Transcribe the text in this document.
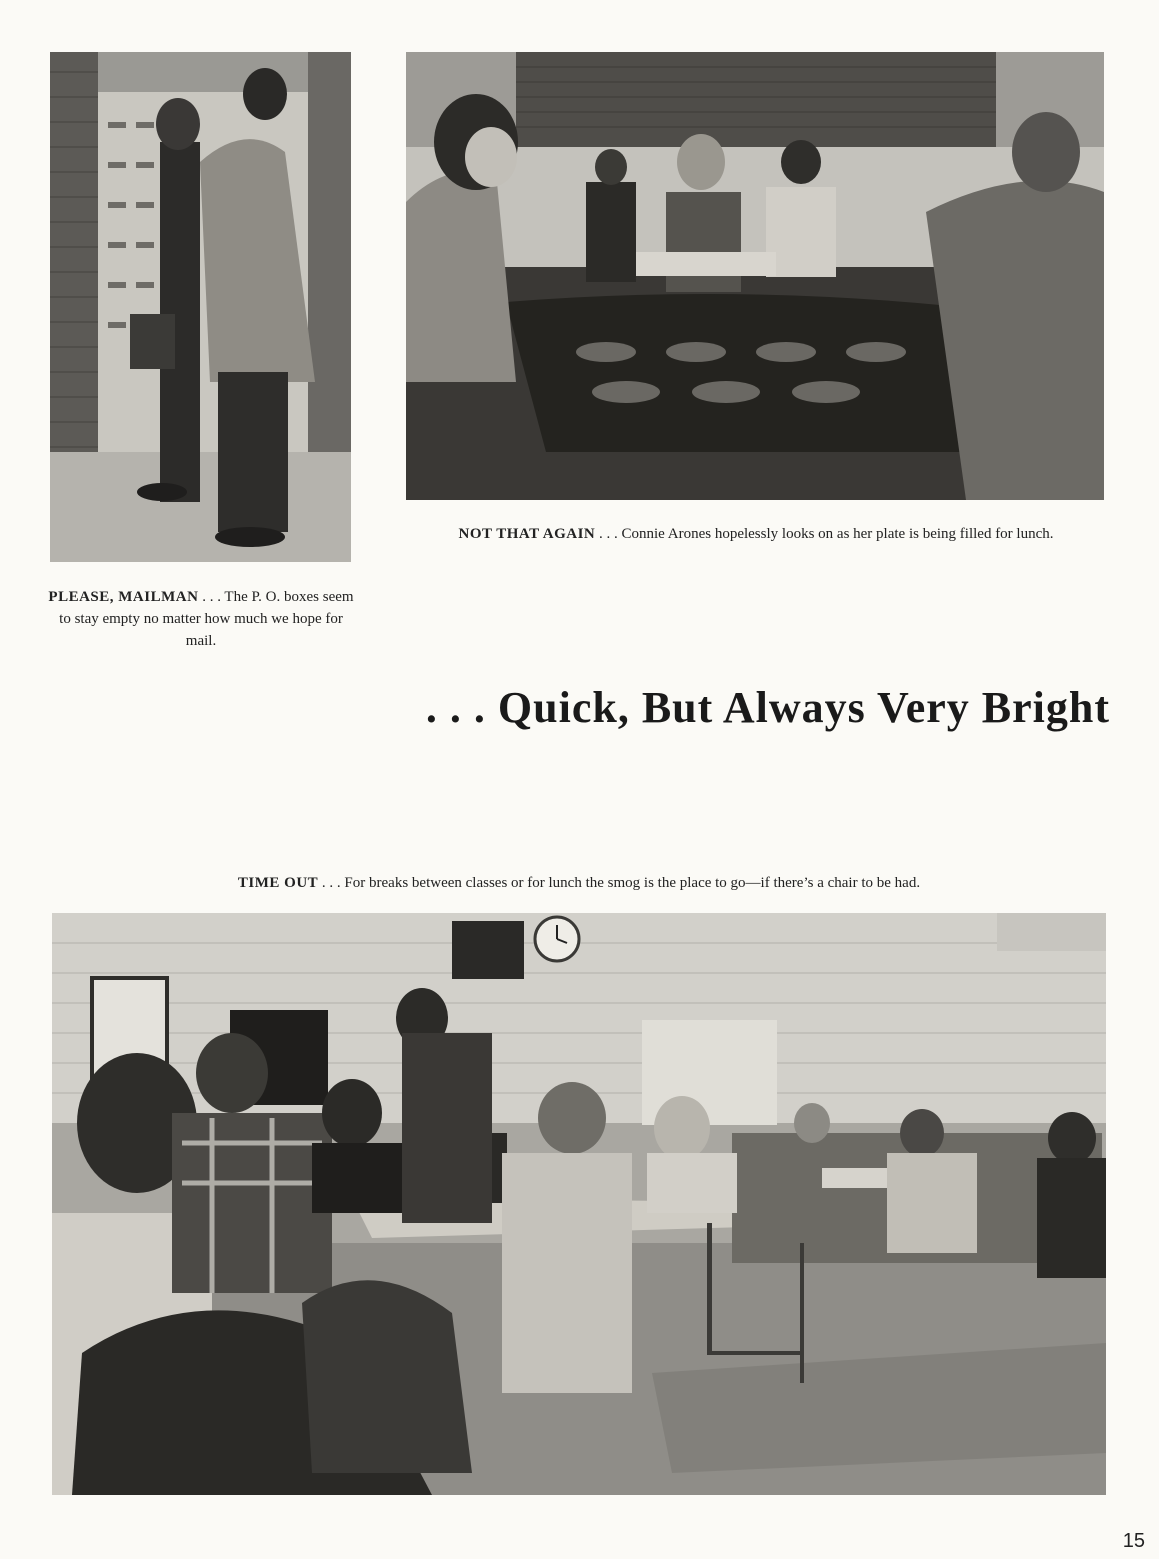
PLEASE, MAILMAN . . . The P. O. boxes seem to stay empty no matter how much we hope for mail.
NOT THAT AGAIN . . . Connie Arones hopelessly looks on as her plate is being filled for lunch.
. . . Quick, But Always Very Bright
TIME OUT . . . For breaks between classes or for lunch the smog is the place to go—if there’s a chair to be had.
15
